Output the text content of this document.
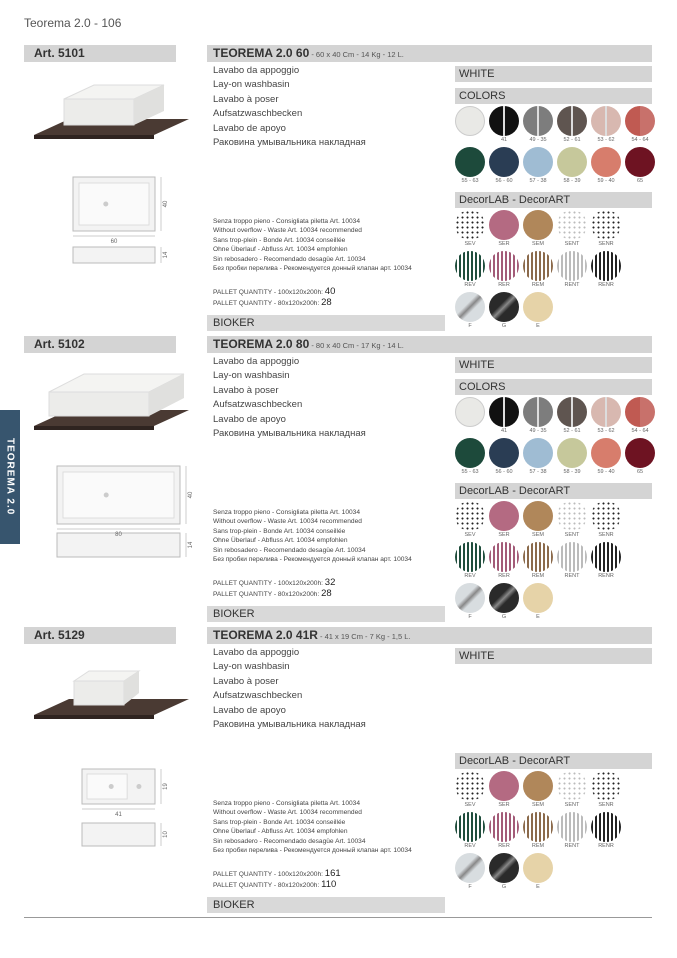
Teorema 2.0 - 106
TEOREMA 2.0
Art. 5101	TEOREMA 2.0 60 - 60 x 40 Cm - 14 Kg - 12 L.
Lavabo da appoggio
Lay-on washbasin
Lavabo à poser
Aufsatzwaschbecken
Lavabo de apoyo
Раковина умывальника накладная
Senza troppo pieno - Consigliata piletta Art. 10034
Without overflow - Waste Art. 10034 recommended
Sans trop-plein - Bonde Art. 10034 conseillée
Ohne Überlauf - Abfluss Art. 10034 empfohlen
Sin rebosadero - Recomendado desagüe Art. 10034
Без пробки перелива - Рекомендуется донный клапан арт. 10034
PALLET QUANTITY - 100x120x200h: 40
PALLET QUANTITY - 80x120x200h: 28
BIOKER
WHITE
COLORS
41	49 - 35	52 - 61	53 - 62	54 - 64
55 - 63	56 - 60	57 - 38	58 - 39	59 - 40	65
DecorLAB - DecorART
SEV	SER	SEM	SENT	SENR
REV	RER	REM	RENT	RENR
F	G	E
60
40
14
Art. 5102	TEOREMA 2.0 80 - 80 x 40 Cm - 17 Kg - 14 L.
Lavabo da appoggio
Lay-on washbasin
Lavabo à poser
Aufsatzwaschbecken
Lavabo de apoyo
Раковина умывальника накладная
Senza troppo pieno - Consigliata piletta Art. 10034
Without overflow - Waste Art. 10034 recommended
Sans trop-plein - Bonde Art. 10034 conseillée
Ohne Überlauf - Abfluss Art. 10034 empfohlen
Sin rebosadero - Recomendado desagüe Art. 10034
Без пробки перелива - Рекомендуется донный клапан арт. 10034
PALLET QUANTITY - 100x120x200h: 32
PALLET QUANTITY - 80x120x200h: 28
BIOKER
WHITE
COLORS
41	49 - 35	52 - 61	53 - 62	54 - 64
55 - 63	56 - 60	57 - 38	58 - 39	59 - 40	65
DecorLAB - DecorART
SEV	SER	SEM	SENT	SENR
REV	RER	REM	RENT	RENR
F	G	E
80
40
14
Art. 5129	TEOREMA 2.0 41R - 41 x 19 Cm - 7 Kg - 1,5 L.
Lavabo da appoggio
Lay-on washbasin
Lavabo à poser
Aufsatzwaschbecken
Lavabo de apoyo
Раковина умывальника накладная
Senza troppo pieno - Consigliata piletta Art. 10034
Without overflow - Waste Art. 10034 recommended
Sans trop-plein - Bonde Art. 10034 conseillée
Ohne Überlauf - Abfluss Art. 10034 empfohlen
Sin rebosadero - Recomendado desagüe Art. 10034
Без пробки перелива - Рекомендуется донный клапан арт. 10034
PALLET QUANTITY - 100x120x200h: 161
PALLET QUANTITY - 80x120x200h: 110
BIOKER
WHITE
DecorLAB - DecorART
SEV	SER	SEM	SENT	SENR
REV	RER	REM	RENT	RENR
F	G	E
41
19
10
